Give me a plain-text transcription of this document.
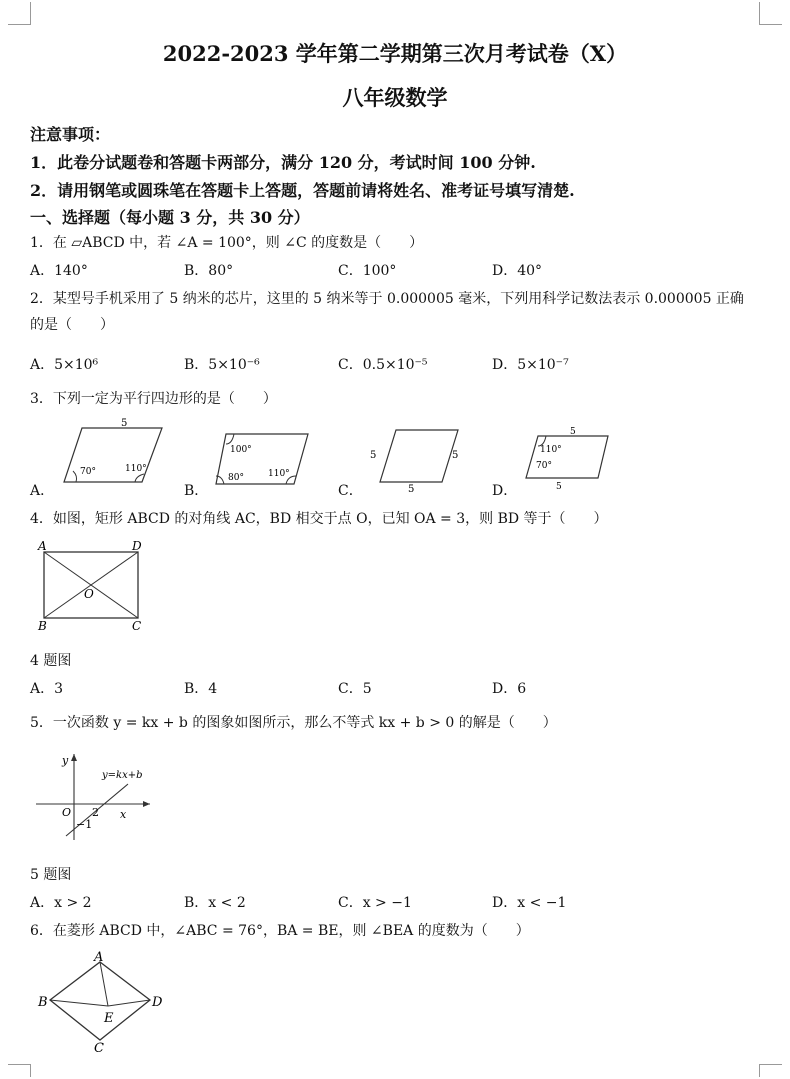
2022-2023 学年第二学期第三次月考试卷（X）
八年级数学
注意事项：
1．此卷分试题卷和答题卡两部分，满分 120 分，考试时间 100 分钟.
2．请用钢笔或圆珠笔在答题卡上答题，答题前请将姓名、准考证号填写清楚.
一、选择题（每小题 3 分，共 30 分）
1．在 ▱ABCD 中，若 ∠A = 100°，则 ∠C 的度数是（　　）
A．140°	B．80°	C．100°	D．40°
2．某型号手机采用了 5 纳米的芯片，这里的 5 纳米等于 0.000005 毫米，下列用科学记数法表示 0.000005 正确
的是（　　）
A．5×10⁶	B．5×10⁻⁶	C．0.5×10⁻⁵	D．5×10⁻⁷
3．下列一定为平行四边形的是（　　）
5
70°	110°
100°
80°	110°
5	5
5
5
110°
70°
5
A．	B．	C．	D．
4．如图，矩形 ABCD 的对角线 AC，BD 相交于点 O，已知 OA = 3，则 BD 等于（　　）
A	D
B	C
O
4 题图
A．3	B．4	C．5	D．6
5．一次函数 y = kx + b 的图象如图所示，那么不等式 kx + b > 0 的解是（　　）
y
x
O 2
−1
y=kx+b
5 题图
A．x > 2	B．x < 2	C．x > −1	D．x < −1
6．在菱形 ABCD 中，∠ABC = 76°，BA = BE，则 ∠BEA 的度数为（　　）
A
B	D
C
E
